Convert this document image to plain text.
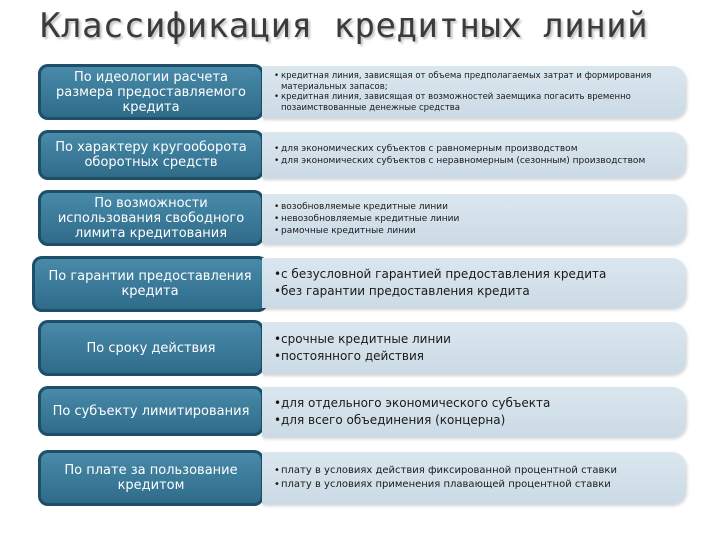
Классификация кредитных линий
По идеологии расчета размера предоставляемого кредита
• кредитная линия, зависящая от объема предполагаемых затрат и формирования материальных запасов;
• кредитная линия, зависящая от возможностей заемщика погасить временно позаимствованные денежные средства
По характеру кругооборота оборотных средств
• для экономических субъектов с равномерным производством
• для экономических субъектов с неравномерным (сезонным) производством
По возможности использования свободного лимита кредитования
• возобновляемые кредитные линии
• невозобновляемые кредитные линии
• рамочные кредитные линии
По гарантии предоставления кредита
• с безусловной гарантией предоставления кредита
• без гарантии предоставления кредита
По сроку действия
• срочные кредитные линии
• постоянного действия
По субъекту лимитирования
• для отдельного экономического субъекта
• для всего объединения (концерна)
По плате за пользование кредитом
• плату в условиях действия фиксированной процентной ставки
• плату в условиях применения плавающей процентной ставки
